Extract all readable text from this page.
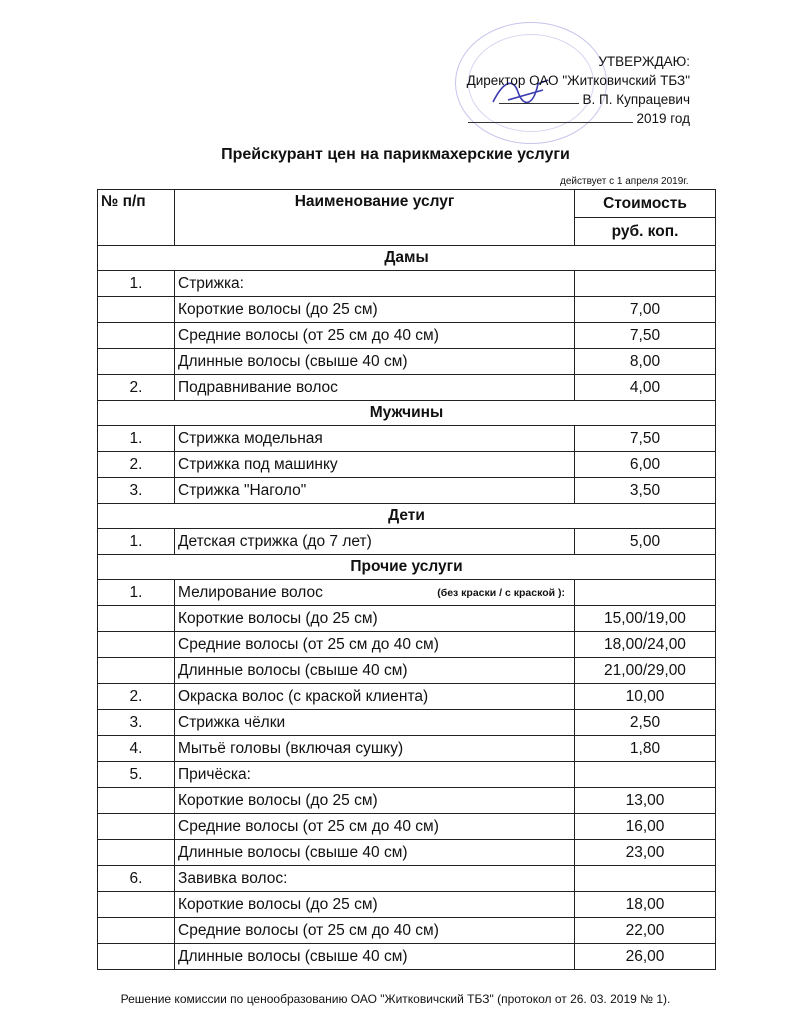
УТВЕРЖДАЮ:
Директор ОАО "Житковичский ТБЗ"
В. П. Купрацевич
2019 год
Прейскурант цен на парикмахерские услуги
действует с 1 апреля 2019г.
№ п/п	Наименование услуг	Стоимость
		руб. коп.
Дамы		
1.	Стрижка:	
	Короткие волосы (до 25 см)	7,00
	Средние волосы (от 25 см до 40 см)	7,50
	Длинные волосы (свыше 40 см)	8,00
2.	Подравнивание волос	4,00
Мужчины		
1.	Стрижка модельная	7,50
2.	Стрижка под машинку	6,00
3.	Стрижка "Наголо"	3,50
Дети		
1.	Детская стрижка (до 7 лет)	5,00
Прочие услуги		
1.	Мелирование волос (без краски / с краской ):	

	Короткие волосы (до 25 см)	15,00/19,00
	Средние волосы (от 25 см до 40 см)	18,00/24,00
	Длинные волосы (свыше 40 см)	21,00/29,00
2.	Окраска волос (с краской клиента)	10,00
3.	Стрижка чёлки	2,50
4.	Мытьё головы (включая сушку)	1,80
5.	Причёска:	
	Короткие волосы (до 25 см)	13,00
	Средние волосы (от 25 см до 40 см)	16,00
	Длинные волосы (свыше 40 см)	23,00
6.	Завивка волос:	
	Короткие волосы (до 25 см)	18,00
	Средние волосы (от 25 см до 40 см)	22,00
	Длинные волосы (свыше 40 см)	26,00
Решение комиссии по ценообразованию ОАО "Житковичский ТБЗ" (протокол от 26. 03. 2019 № 1).
